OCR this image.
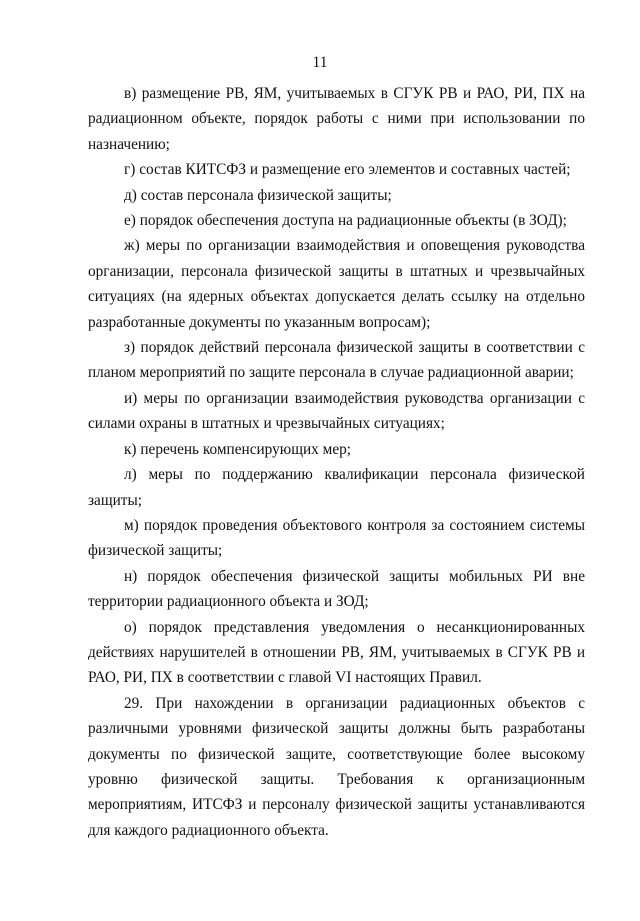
11

в) размещение РВ, ЯМ, учитываемых в СГУК РВ и РАО, РИ, ПХ на радиационном объекте, порядок работы с ними при использовании по назначению;

г) состав КИТСФЗ и размещение его элементов и составных частей;

д) состав персонала физической защиты;

е) порядок обеспечения доступа на радиационные объекты (в ЗОД);

ж) меры по организации взаимодействия и оповещения руководства организации, персонала физической защиты в штатных и чрезвычайных ситуациях (на ядерных объектах допускается делать ссылку на отдельно разработанные документы по указанным вопросам);

з) порядок действий персонала физической защиты в соответствии с планом мероприятий по защите персонала в случае радиационной аварии;

и) меры по организации взаимодействия руководства организации с силами охраны в штатных и чрезвычайных ситуациях;

к) перечень компенсирующих мер;

л) меры по поддержанию квалификации персонала физической защиты;

м) порядок проведения объектового контроля за состоянием системы физической защиты;

н) порядок обеспечения физической защиты мобильных РИ вне территории радиационного объекта и ЗОД;

о) порядок представления уведомления о несанкционированных действиях нарушителей в отношении РВ, ЯМ, учитываемых в СГУК РВ и РАО, РИ, ПХ в соответствии с главой VI настоящих Правил.

29. При нахождении в организации радиационных объектов с различными уровнями физической защиты должны быть разработаны документы по физической защите, соответствующие более высокому уровню физической защиты. Требования к организационным мероприятиям, ИТСФЗ и персоналу физической защиты устанавливаются для каждого радиационного объекта.
